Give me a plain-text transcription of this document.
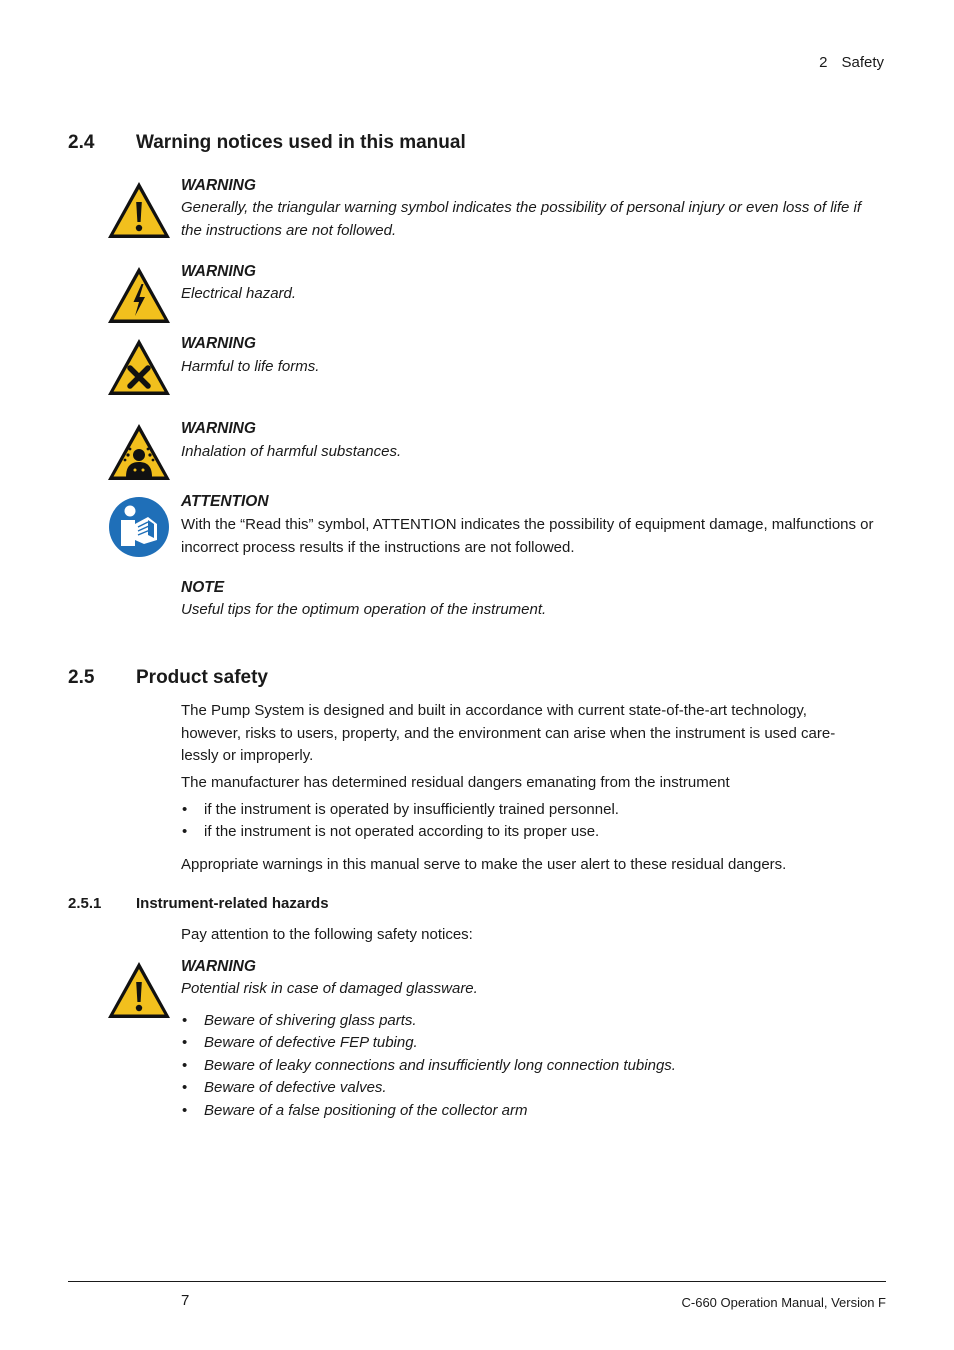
2 Safety
2.4 Warning notices used in this manual
WARNING
Generally, the triangular warning symbol indicates the possibility of personal injury or even loss of life if the instructions are not followed.
WARNING
Electrical hazard.
WARNING
Harmful to life forms.
WARNING
Inhalation of harmful substances.
ATTENTION
With the “Read this” symbol, ATTENTION indicates the possibility of equipment damage, malfunctions or incorrect process results if the instructions are not followed.
NOTE
Useful tips for the optimum operation of the instrument.
2.5 Product safety
The Pump System is designed and built in accordance with current state-of-the-art technology, however, risks to users, property, and the environment can arise when the instrument is used care-lessly or improperly.
The manufacturer has determined residual dangers emanating from the instrument
• if the instrument is operated by insufficiently trained personnel.
• if the instrument is not operated according to its proper use.
Appropriate warnings in this manual serve to make the user alert to these residual dangers.
2.5.1 Instrument-related hazards
Pay attention to the following safety notices:
WARNING
Potential risk in case of damaged glassware.
• Beware of shivering glass parts.
• Beware of defective FEP tubing.
• Beware of leaky connections and insufficiently long connection tubings.
• Beware of defective valves.
• Beware of a false positioning of the collector arm
7	C-660 Operation Manual, Version F
